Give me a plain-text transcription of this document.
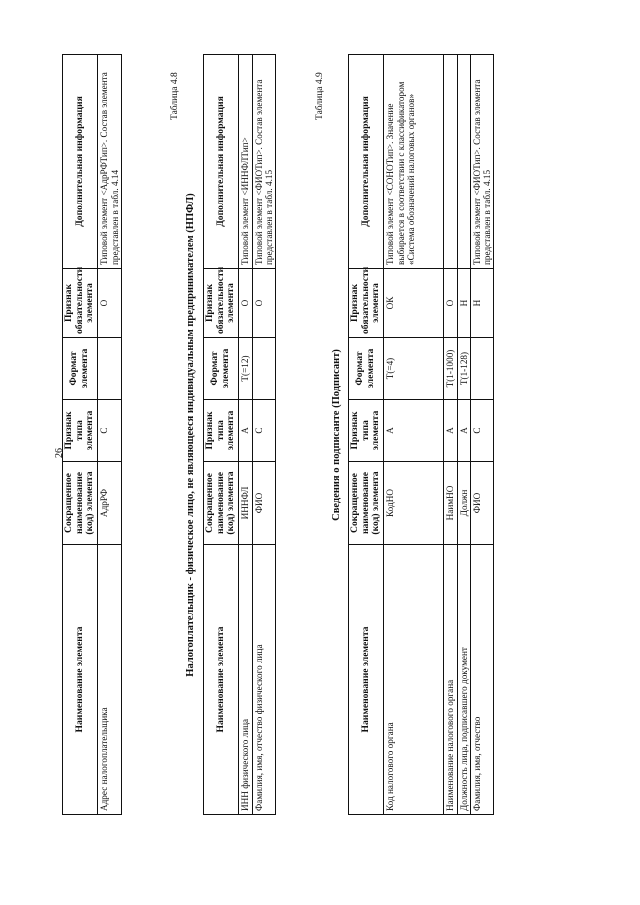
26
Наименование элемента	Сокращенное наименование (код) элемента	Признак типа элемента	Формат элемента	Признак обязательности элемента	Дополнительная информация
Адрес налогоплательщика	АдрРФ	С		О	Типовой элемент <АдрРФТип>. Состав элемента представлен в табл. 4.14
Таблица 4.8
Налогоплательщик - физическое лицо, не являющееся индивидуальным предпринимателем (НПФЛ)
Наименование элемента	Сокращенное наименование (код) элемента	Признак типа элемента	Формат элемента	Признак обязательности элемента	Дополнительная информация
ИНН физического лица	ИННФЛ	А	Т(=12)	О	Типовой элемент <ИННФЛТип>
Фамилия, имя, отчество физического лица	ФИО	С		О	Типовой элемент <ФИОТип>. Состав элемента представлен в табл. 4.15
Таблица 4.9
Сведения о подписанте (Подписант)
Наименование элемента	Сокращенное наименование (код) элемента	Признак типа элемента	Формат элемента	Признак обязательности элемента	Дополнительная информация
Код налогового органа	КодНО	А	Т(=4)	ОК	Типовой элемент <СОНОТип>. Значение выбирается в соответствии с классификатором «Система обозначений налоговых органов»
Наименование налогового органа	НаимНО	А	Т(1-1000)	О	
Должность лица, подписавшего документ	Должн	А	Т(1-128)	Н	
Фамилия, имя, отчество	ФИО	С		Н	Типовой элемент <ФИОТип>. Состав элемента представлен в табл. 4.15
